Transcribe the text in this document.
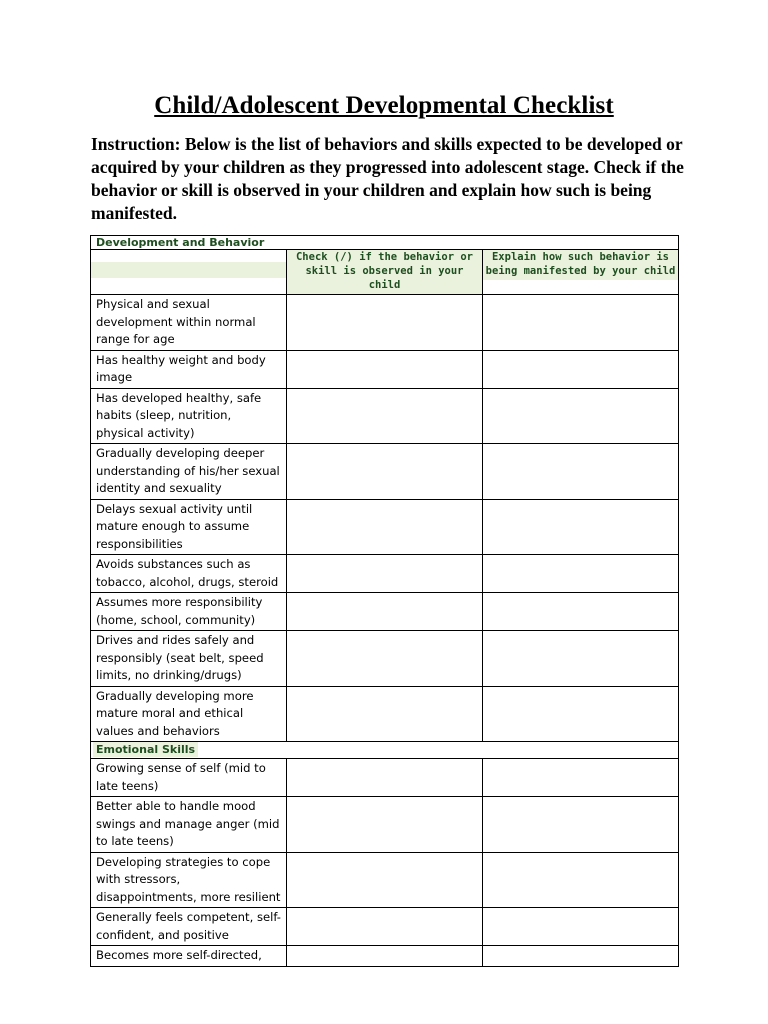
Child/Adolescent Developmental Checklist

Instruction: Below is the list of behaviors and skills expected to be developed or acquired by your children as they progressed into adolescent stage. Check if the behavior or skill is observed in your children and explain how such is being manifested.

Development and Behavior		

	Check (/) if the behavior or skill is observed in your child	Explain how such behavior is being manifested by your child

Physical and sexual development within normal range for age		

Has healthy weight and body image		

Has developed healthy, safe habits (sleep, nutrition, physical activity)		

Gradually developing deeper understanding of his/her sexual identity and sexuality		

Delays sexual activity until mature enough to assume responsibilities		

Avoids substances such as tobacco, alcohol, drugs, steroid		

Assumes more responsibility (home, school, community)		

Drives and rides safely and responsibly (seat belt, speed limits, no drinking/drugs)		

Gradually developing more mature moral and ethical values and behaviors		

Emotional Skills		

Growing sense of self (mid to late teens)		

Better able to handle mood swings and manage anger (mid to late teens)		

Developing strategies to cope with stressors, disappointments, more resilient		

Generally feels competent, self-confident, and positive		

Becomes more self-directed,		
